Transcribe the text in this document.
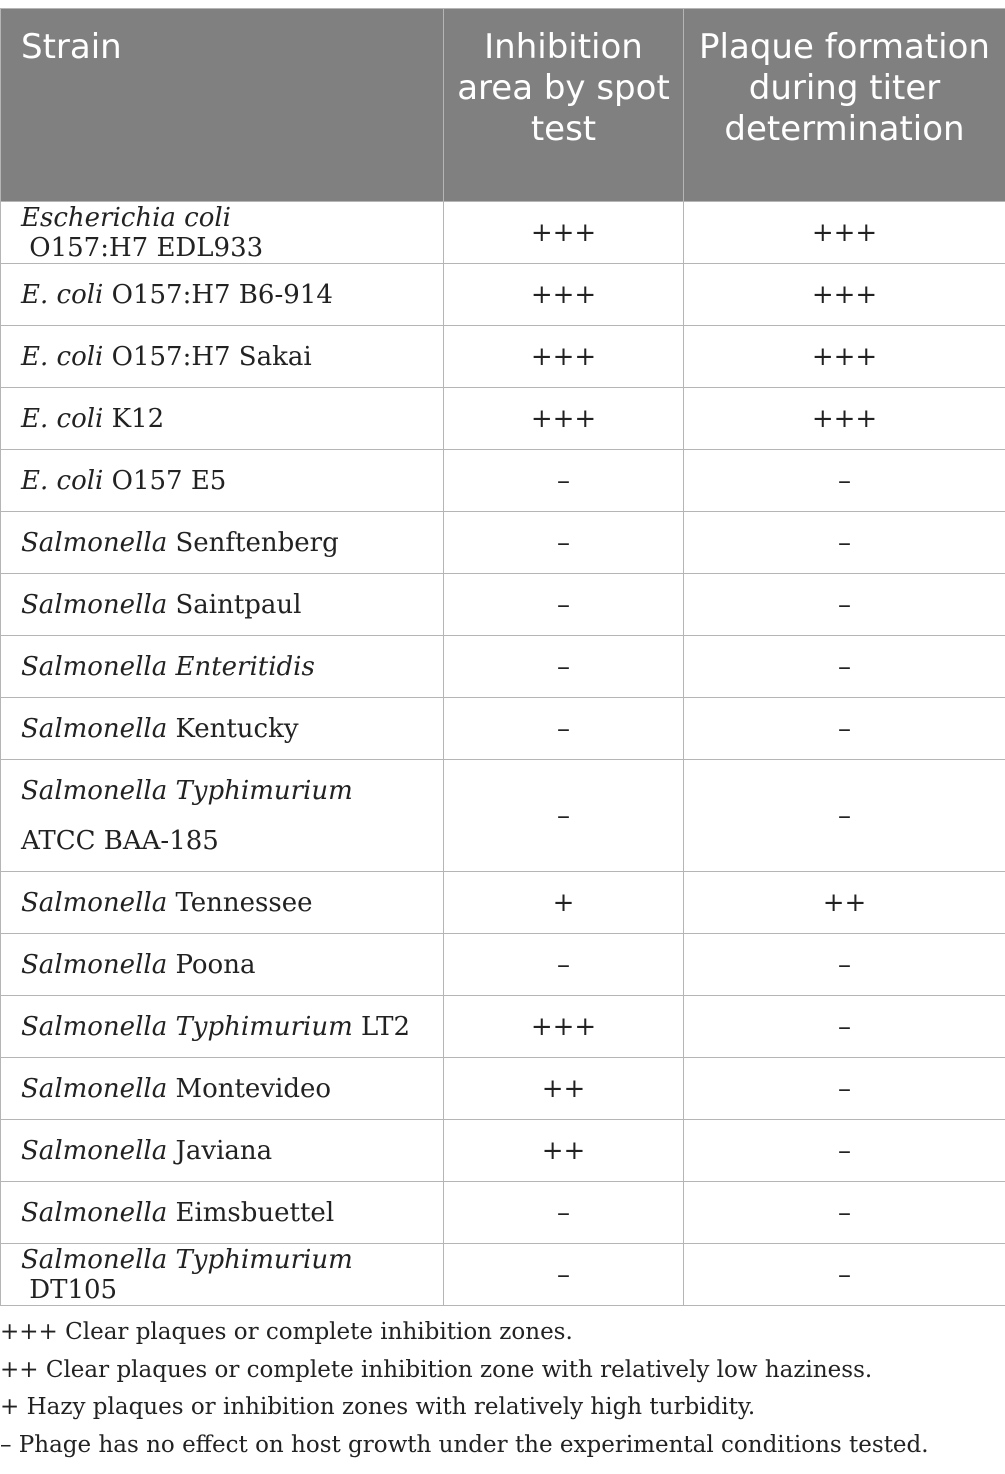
Strain	Inhibition area by spot test	Plaque formation during titer determination
Escherichia coli O157:H7 EDL933	+++	+++
E. coli O157:H7 B6-914	+++	+++
E. coli O157:H7 Sakai	+++	+++
E. coli K12	+++	+++
E. coli O157 E5	–	–
Salmonella Senftenberg	–	–
Salmonella Saintpaul	–	–
Salmonella Enteritidis	–	–
Salmonella Kentucky	–	–
Salmonella Typhimurium
ATCC BAA-185	–	–
Salmonella Tennessee	+	++
Salmonella Poona	–	–
Salmonella Typhimurium LT2	+++	–
Salmonella Montevideo	++	–
Salmonella Javiana	++	–
Salmonella Eimsbuettel	–	–
Salmonella Typhimurium DT105	–	–
+++ Clear plaques or complete inhibition zones.
++ Clear plaques or complete inhibition zone with relatively low haziness.
+ Hazy plaques or inhibition zones with relatively high turbidity.
– Phage has no effect on host growth under the experimental conditions tested.
